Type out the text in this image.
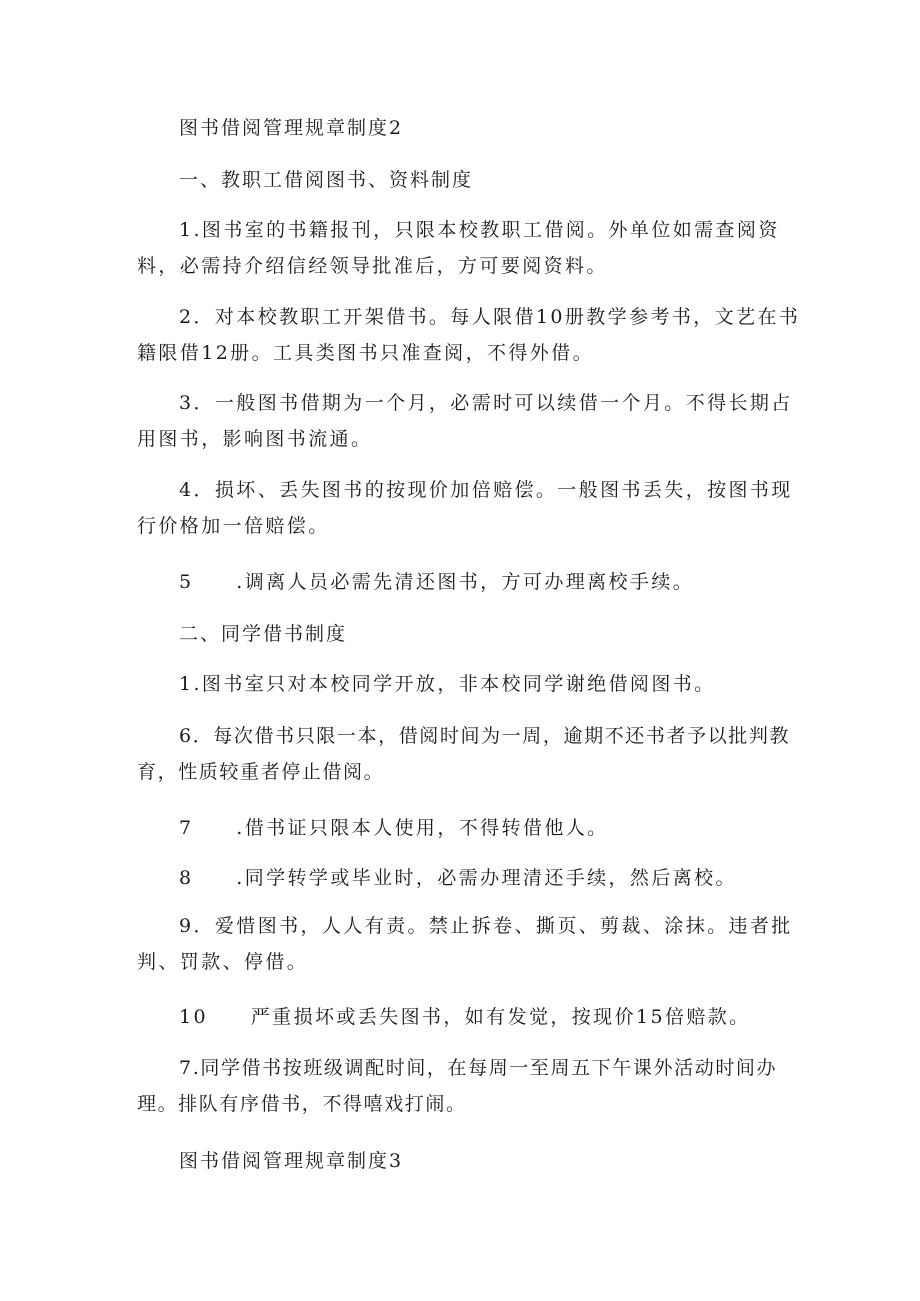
图书借阅管理规章制度2

一、教职工借阅图书、资料制度

1.图书室的书籍报刊，只限本校教职工借阅。外单位如需查阅资料，必需持介绍信经领导批准后，方可要阅资料。

2．对本校教职工开架借书。每人限借10册教学参考书，文艺在书籍限借12册。工具类图书只准查阅，不得外借。

3．一般图书借期为一个月，必需时可以续借一个月。不得长期占用图书，影响图书流通。

4．损坏、丢失图书的按现价加倍赔偿。一般图书丢失，按图书现行价格加一倍赔偿。

5　　.调离人员必需先清还图书，方可办理离校手续。

二、同学借书制度

1.图书室只对本校同学开放，非本校同学谢绝借阅图书。

6．每次借书只限一本，借阅时间为一周，逾期不还书者予以批判教育，性质较重者停止借阅。

7　　.借书证只限本人使用，不得转借他人。

8　　.同学转学或毕业时，必需办理清还手续，然后离校。

9．爱惜图书，人人有责。禁止拆卷、撕页、剪裁、涂抹。违者批判、罚款、停借。

10　　严重损坏或丢失图书，如有发觉，按现价15倍赔款。

7.同学借书按班级调配时间，在每周一至周五下午课外活动时间办理。排队有序借书，不得嘻戏打闹。

图书借阅管理规章制度3
